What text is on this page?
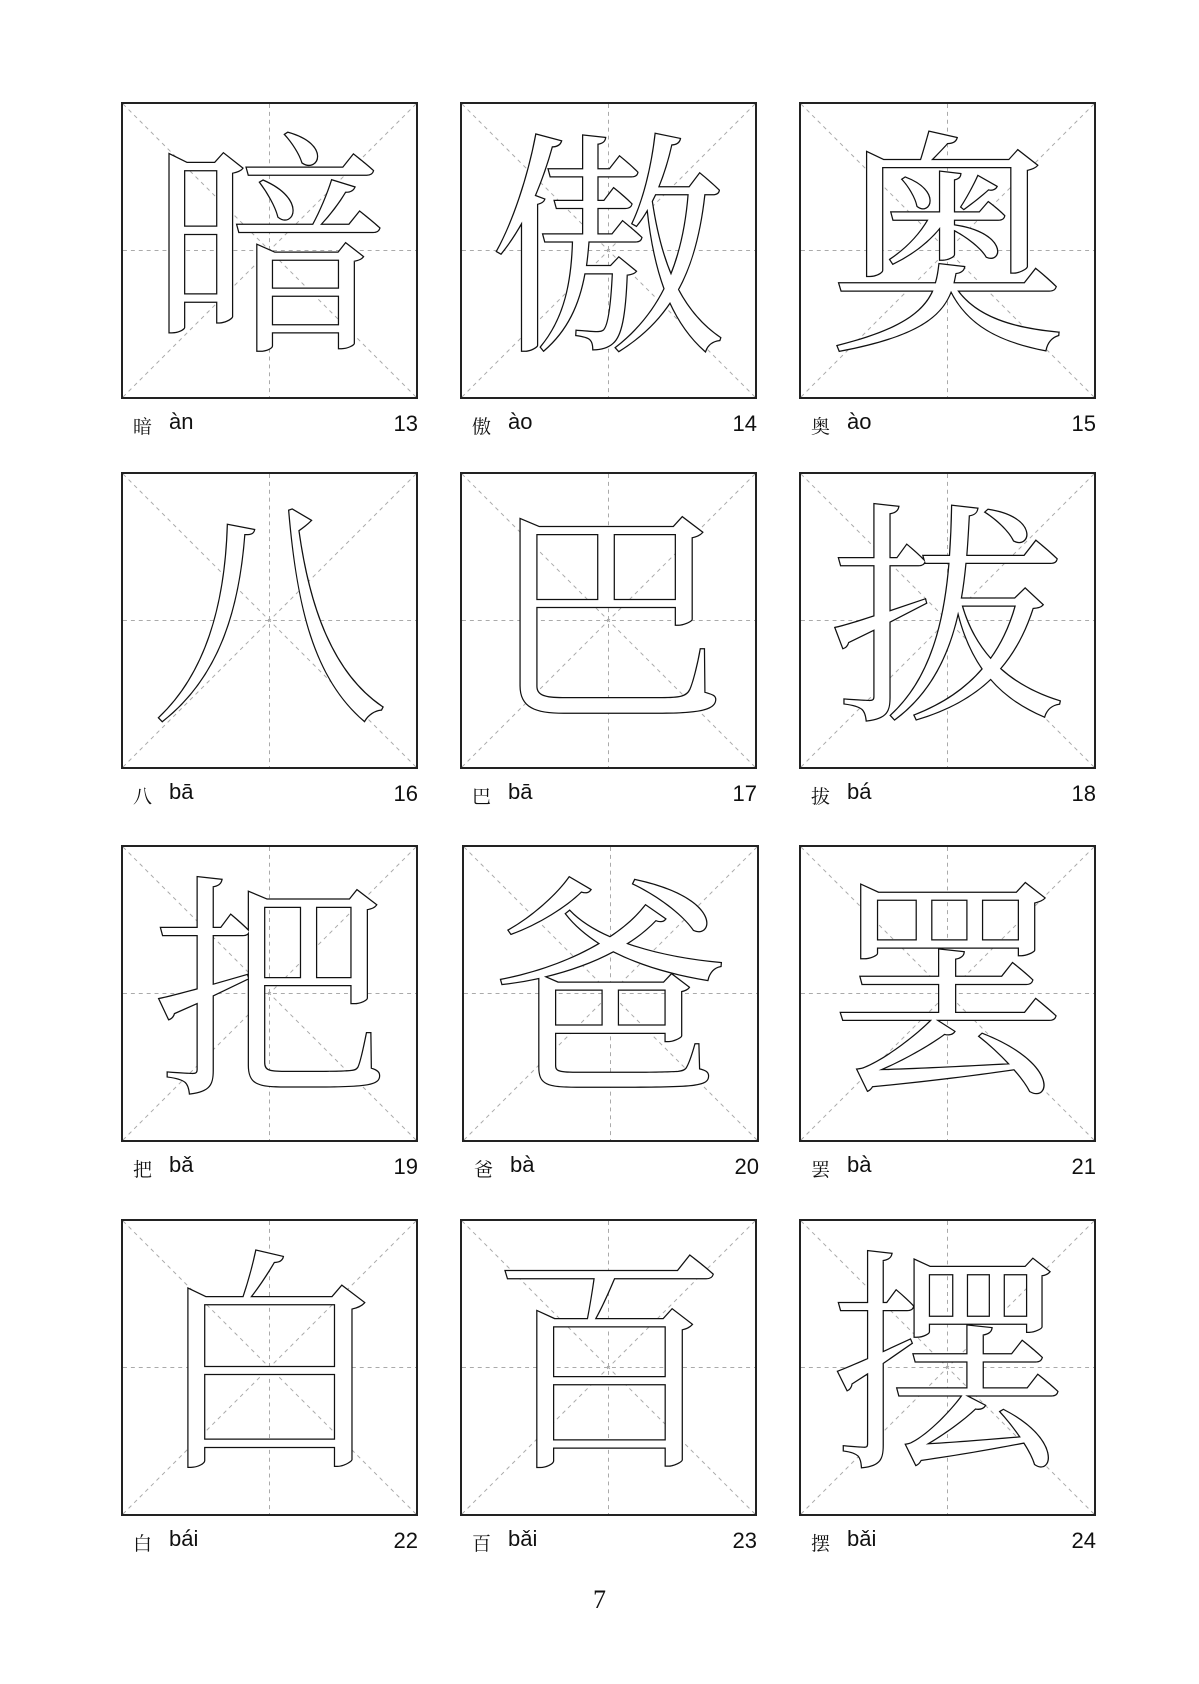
暗
暗 àn	13
傲
傲 ào	14
奥
奥 ào	15
八
八 bā	16
巴
巴 bā	17
拔
拔 bá	18
把
把 bǎ	19
爸
爸 bà	20
罢
罢 bà	21
白
白 bái	22
百
百 bǎi	23
摆
摆 bǎi	24
7
